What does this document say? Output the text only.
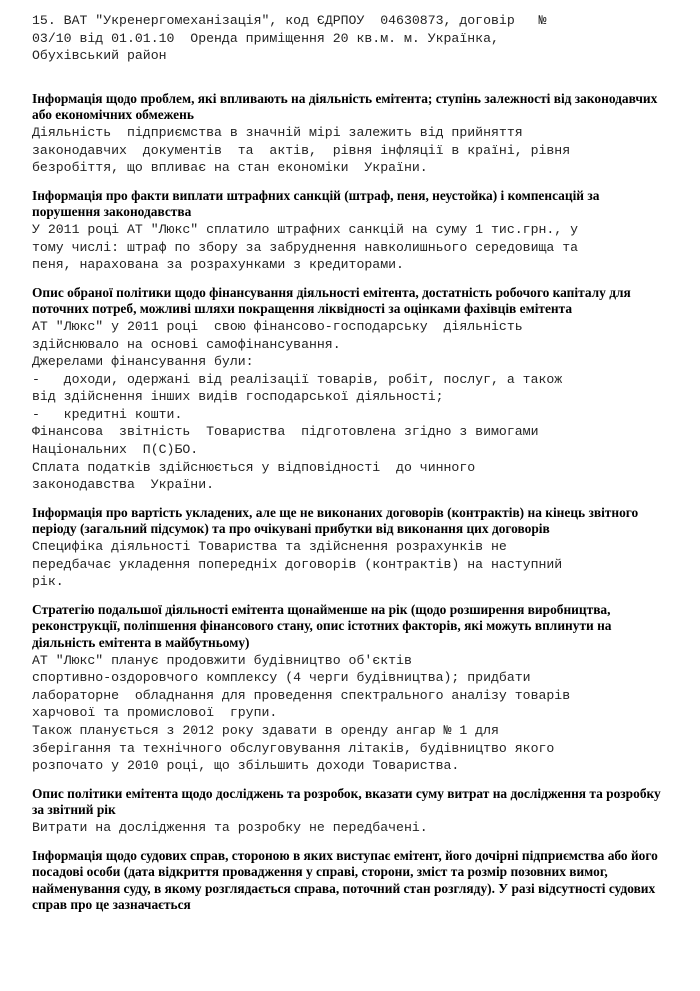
15. ВАТ "Укренергомеханізація", код ЄДРПОУ  04630873, договір   №

03/10 від 01.01.10  Оренда приміщення 20 кв.м. м. Українка,

Обухівський район

Інформація щодо проблем, які впливають на діяльність емітента; ступінь залежності від законодавчих або економічних обмежень

Діяльність  підприємства в значній мірі залежить від прийняття

законодавчих  документів  та  актів,  рівня інфляції в країні, рівня

безробіття, що впливає на стан економіки  України.

Інформація про факти виплати штрафних санкцій (штраф, пеня, неустойка) і компенсацій за порушення законодавства

У 2011 році АТ "Люкс" сплатило штрафних санкцій на суму 1 тис.грн., у

тому числі: штраф по збору за забруднення навколишнього середовища та

пеня, нарахована за розрахунками з кредиторами.

Опис обраної політики щодо фінансування діяльності емітента, достатність робочого капіталу для поточних потреб, можливі шляхи покращення ліквідності за оцінками фахівців емітента

АТ "Люкс" у 2011 році  свою фінансово-господарську  діяльність

здійснювало на основі самофінансування.

Джерелами фінансування були:

-   доходи, одержані від реалізації товарів, робіт, послуг, а також

від здійснення інших видів господарської діяльності;

-   кредитні кошти.

Фінансова  звітність  Товариства  підготовлена згідно з вимогами

Національних  П(С)БО.

Сплата податків здійснюється у відповідності  до чинного

законодавства  України.

Інформація про вартість укладених, але ще не виконаних договорів (контрактів) на кінець звітного періоду (загальний підсумок) та про очікувані прибутки від виконання цих договорів

Специфіка діяльності Товариства та здійснення розрахунків не

передбачає укладення попередніх договорів (контрактів) на наступний

рік.

Стратегію подальшої діяльності емітента щонайменше на рік (щодо розширення виробництва, реконструкції, поліпшення фінансового стану, опис істотних факторів, які можуть вплинути на діяльність емітента в майбутньому)

АТ "Люкс" планує продовжити будівництво об'єктів

спортивно-оздоровчого комплексу (4 черги будівництва); придбати

лабораторне  обладнання для проведення спектрального аналізу товарів

харчової та промислової  групи.

Також планується з 2012 року здавати в оренду ангар № 1 для

зберігання та технічного обслуговування літаків, будівництво якого

розпочато у 2010 році, що збільшить доходи Товариства.

Опис політики емітента щодо досліджень та розробок, вказати суму витрат на дослідження та розробку за звітний рік

Витрати на дослідження та розробку не передбачені.

Інформація щодо судових справ, стороною в яких виступає емітент, його дочірні підприємства або його посадові особи (дата відкриття провадження у справі, сторони, зміст та розмір позовних вимог, найменування суду, в якому розглядається справа, поточний стан розгляду). У разі відсутності судових справ про це зазначається
